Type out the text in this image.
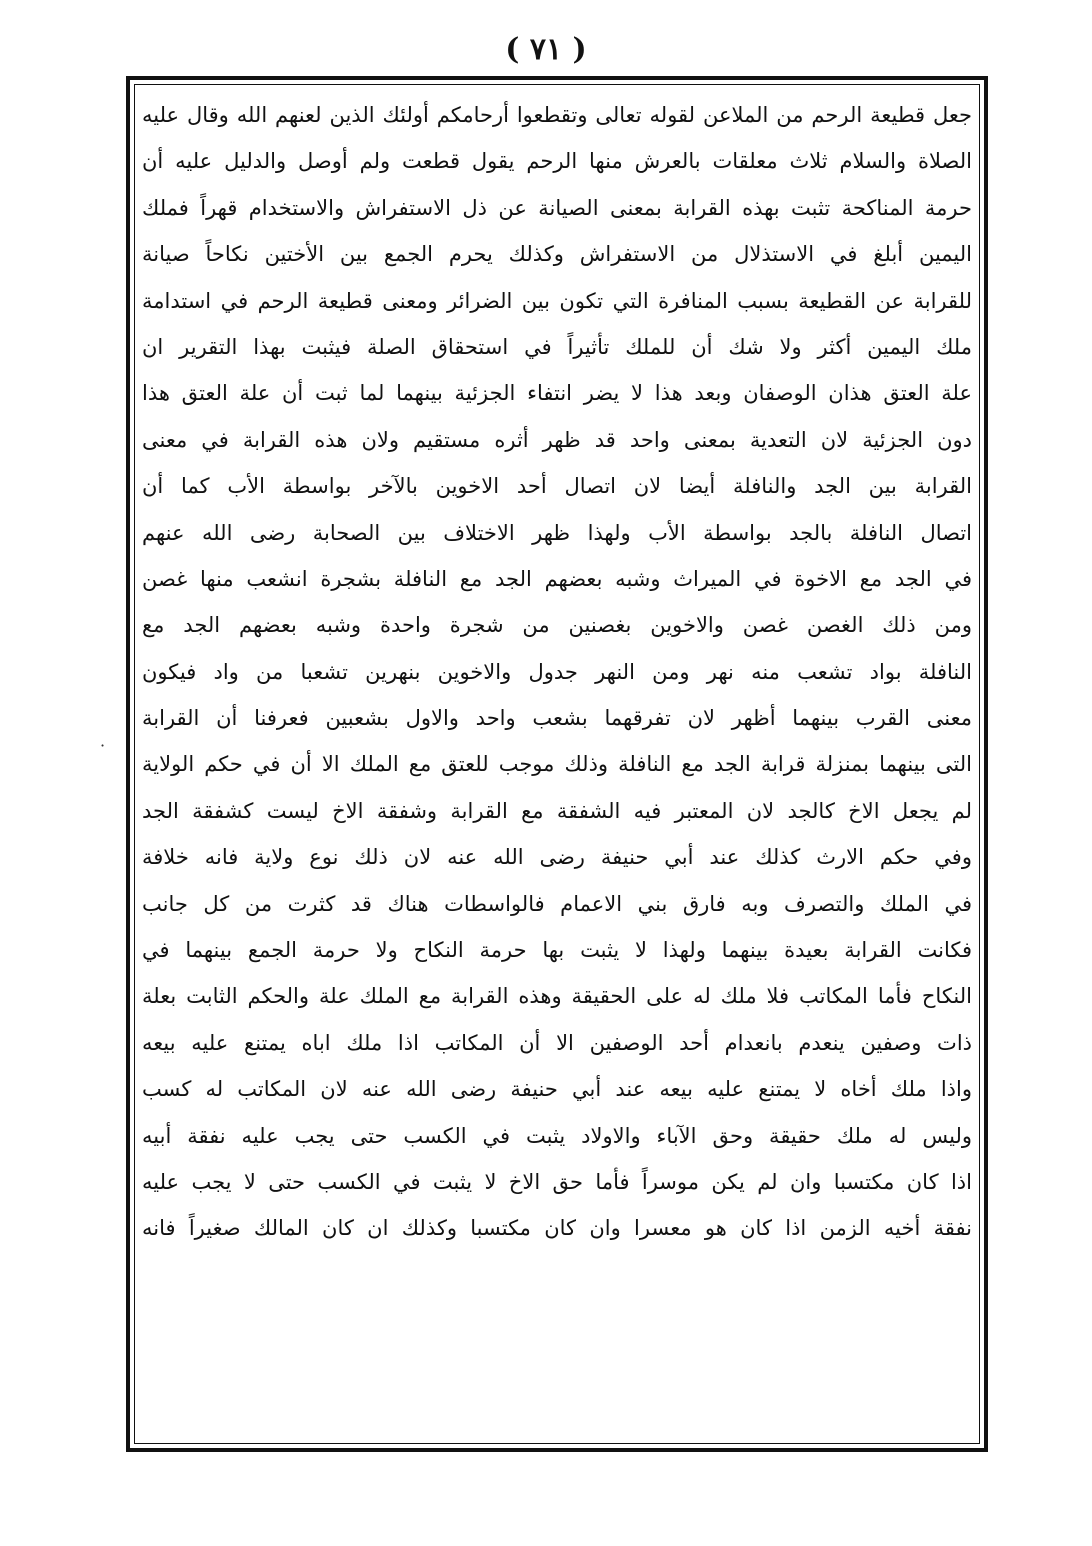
( ٧١ )
·
جعل قطيعة الرحم من الملاعن لقوله تعالى وتقطعوا أرحامكم أولئك الذين لعنهم الله وقال عليه
الصلاة والسلام ثلاث معلقات بالعرش منها الرحم يقول قطعت ولم أوصل والدليل عليه أن
حرمة المناكحة تثبت بهذه القرابة بمعنى الصيانة عن ذل الاستفراش والاستخدام قهراً فملك
اليمين أبلغ في الاستذلال من الاستفراش وكذلك يحرم الجمع بين الأختين نكاحاً صيانة
للقرابة عن القطيعة بسبب المنافرة التي تكون بين الضرائر ومعنى قطيعة الرحم في استدامة
ملك اليمين أكثر ولا شك أن للملك تأثيراً في استحقاق الصلة فيثبت بهذا التقرير ان
علة العتق هذان الوصفان وبعد هذا لا يضر انتفاء الجزئية بينهما لما ثبت أن علة العتق هذا
دون الجزئية لان التعدية بمعنى واحد قد ظهر أثره مستقيم ولان هذه القرابة في معنى
القرابة بين الجد والنافلة أيضا لان اتصال أحد الاخوين بالآخر بواسطة الأب كما أن
اتصال النافلة بالجد بواسطة الأب ولهذا ظهر الاختلاف بين الصحابة رضى الله عنهم
في الجد مع الاخوة في الميراث وشبه بعضهم الجد مع النافلة بشجرة انشعب منها غصن
ومن ذلك الغصن غصن والاخوين بغصنين من شجرة واحدة وشبه بعضهم الجد مع
النافلة بواد تشعب منه نهر ومن النهر جدول والاخوين بنهرين تشعبا من واد فيكون
معنى القرب بينهما أظهر لان تفرقهما بشعب واحد والاول بشعبين فعرفنا أن القرابة
التى بينهما بمنزلة قرابة الجد مع النافلة وذلك موجب للعتق مع الملك الا أن في حكم الولاية
لم يجعل الاخ كالجد لان المعتبر فيه الشفقة مع القرابة وشفقة الاخ ليست كشفقة الجد
وفي حكم الارث كذلك عند أبي حنيفة رضى الله عنه لان ذلك نوع ولاية فانه خلافة
في الملك والتصرف وبه فارق بني الاعمام فالواسطات هناك قد كثرت من كل جانب
فكانت القرابة بعيدة بينهما ولهذا لا يثبت بها حرمة النكاح ولا حرمة الجمع بينهما في
النكاح فأما المكاتب فلا ملك له على الحقيقة وهذه القرابة مع الملك علة والحكم الثابت بعلة
ذات وصفين ينعدم بانعدام أحد الوصفين الا أن المكاتب اذا ملك اباه يمتنع عليه بيعه
واذا ملك أخاه لا يمتنع عليه بيعه عند أبي حنيفة رضى الله عنه لان المكاتب له كسب
وليس له ملك حقيقة وحق الآباء والاولاد يثبت في الكسب حتى يجب عليه نفقة أبيه
اذا كان مكتسبا وان لم يكن موسراً فأما حق الاخ لا يثبت في الكسب حتى لا يجب عليه
نفقة أخيه الزمن اذا كان هو معسرا وان كان مكتسبا وكذلك ان كان المالك صغيراً فانه
